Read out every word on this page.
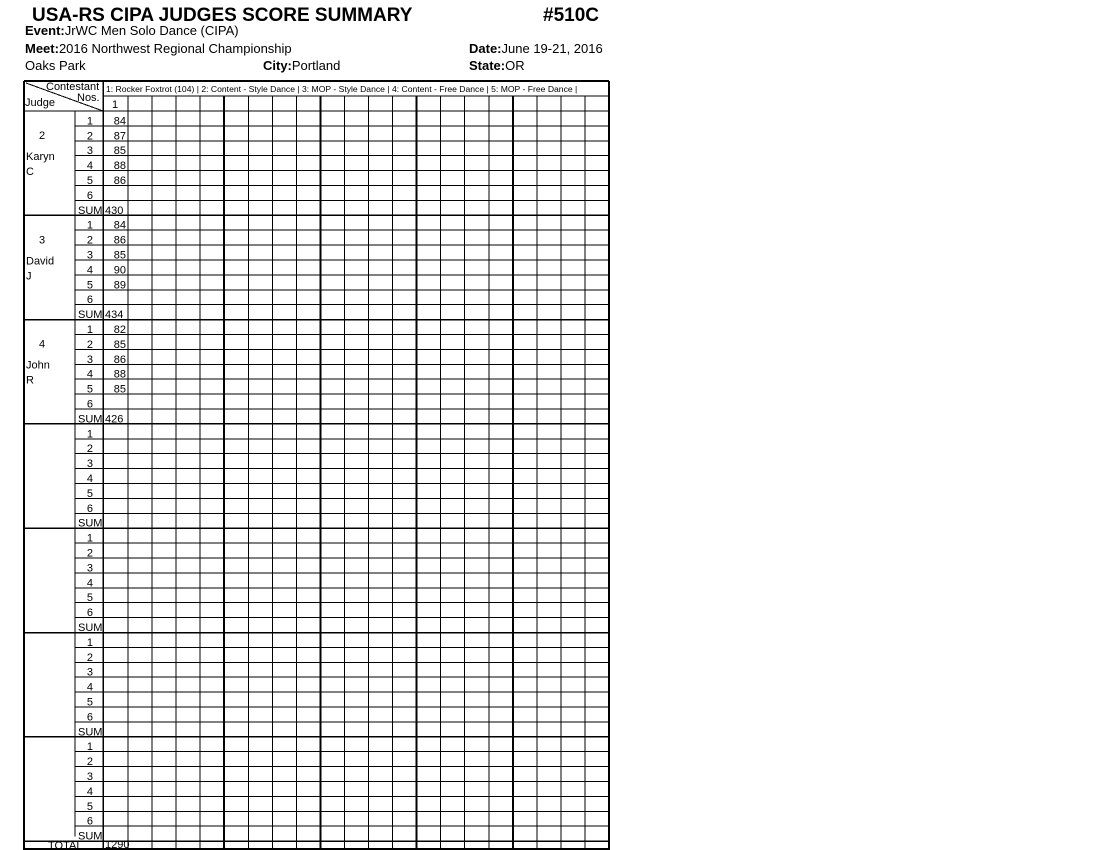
USA-RS CIPA JUDGES SCORE SUMMARY	#510C
Event:JrWC Men Solo Dance (CIPA)
Meet:2016 Northwest Regional Championship	Date:June 19-21, 2016
Oaks Park	City:Portland	State:OR
Contestant
Nos.
Judge	1
1: Rocker Foxtrot (104) | 2: Content - Style Dance | 3: MOP - Style Dance | 4: Content - Free Dance | 5: MOP - Free Dance |
TOTAL 1290
2
Karyn
C
1 84
2 87
3 85
4 88
5 86
6
SUM 430
3
David
J
1 84
2 86
3 85
4 90
5 89
6
SUM 434
4
John
R
1 82
2 85
3 86
4 88
5 85
6
SUM 426
1
2
3
4
5
6
SUM
1
2
3
4
5
6
SUM
1
2
3
4
5
6
SUM
1
2
3
4
5
6
SUM
